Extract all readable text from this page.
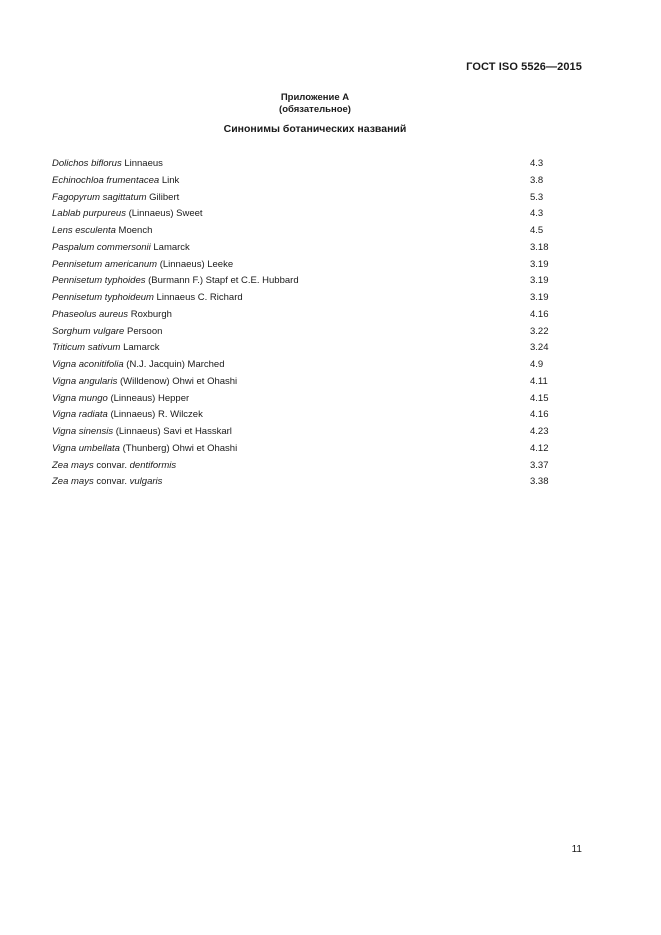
ГОСТ ISO 5526—2015
Приложение А
(обязательное)
Синонимы ботанических названий
Dolichos biflorus Linnaeus	4.3
Echinochloa frumentacea Link	3.8
Fagopyrum sagittatum Gilibert	5.3
Lablab purpureus (Linnaeus) Sweet	4.3
Lens esculenta Moench	4.5
Paspalum commersonii Lamarck	3.18
Pennisetum americanum (Linnaeus) Leeke	3.19
Pennisetum typhoides (Burmann F.) Stapf et C.E. Hubbard	3.19
Pennisetum typhoideum Linnaeus C. Richard	3.19
Phaseolus aureus Roxburgh	4.16
Sorghum vulgare Persoon	3.22
Triticum sativum Lamarck	3.24
Vigna aconitifolia (N.J. Jacquin) Marched	4.9
Vigna angularis (Willdenow) Ohwi et Ohashi	4.11
Vigna mungo (Linneaus) Hepper	4.15
Vigna radiata (Linnaeus) R. Wilczek	4.16
Vigna sinensis (Linnaeus) Savi et Hasskarl	4.23
Vigna umbellata (Thunberg) Ohwi et Ohashi	4.12
Zea mays convar. dentiformis	3.37
Zea mays convar. vulgaris	3.38
11
